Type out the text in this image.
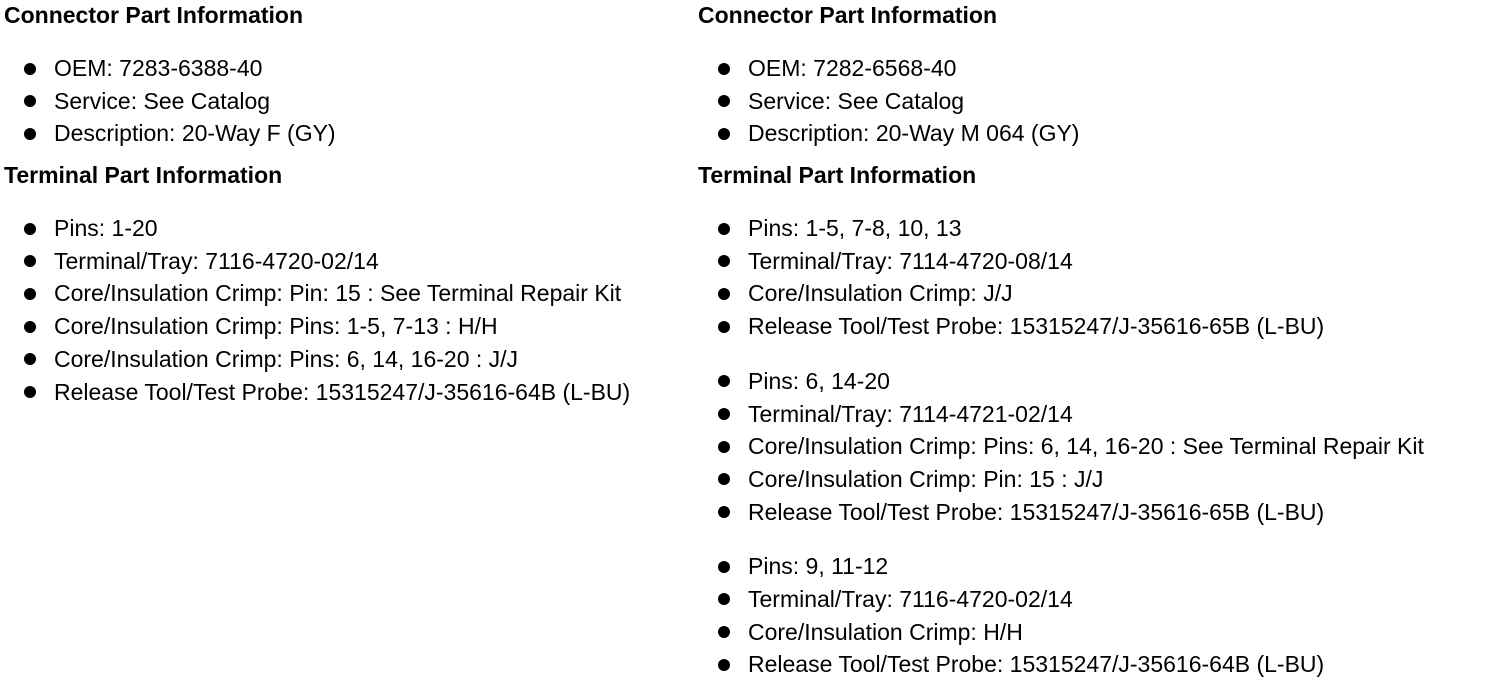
Connector Part Information
OEM: 7283-6388-40
Service: See Catalog
Description: 20-Way F (GY)
Terminal Part Information
Pins: 1-20
Terminal/Tray: 7116-4720-02/14
Core/Insulation Crimp: Pin: 15 : See Terminal Repair Kit
Core/Insulation Crimp: Pins: 1-5, 7-13 : H/H
Core/Insulation Crimp: Pins: 6, 14, 16-20 : J/J
Release Tool/Test Probe: 15315247/J-35616-64B (L-BU)
Connector Part Information
OEM: 7282-6568-40
Service: See Catalog
Description: 20-Way M 064 (GY)
Terminal Part Information
Pins: 1-5, 7-8, 10, 13
Terminal/Tray: 7114-4720-08/14
Core/Insulation Crimp: J/J
Release Tool/Test Probe: 15315247/J-35616-65B (L-BU)
Pins: 6, 14-20
Terminal/Tray: 7114-4721-02/14
Core/Insulation Crimp: Pins: 6, 14, 16-20 : See Terminal Repair Kit
Core/Insulation Crimp: Pin: 15 : J/J
Release Tool/Test Probe: 15315247/J-35616-65B (L-BU)
Pins: 9, 11-12
Terminal/Tray: 7116-4720-02/14
Core/Insulation Crimp: H/H
Release Tool/Test Probe: 15315247/J-35616-64B (L-BU)
